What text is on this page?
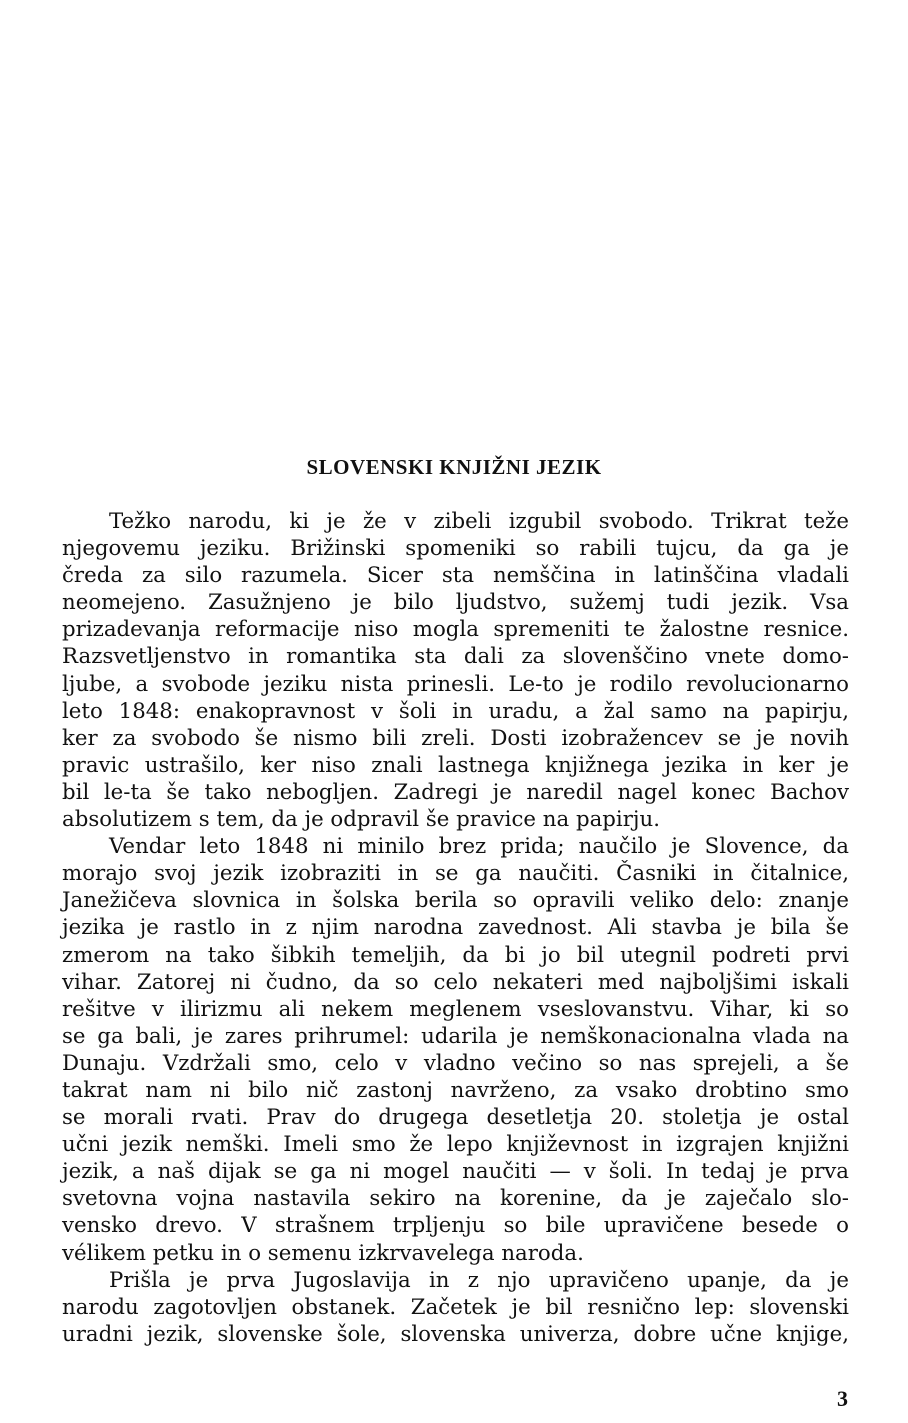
SLOVENSKI KNJIŽNI JEZIK
Težko narodu, ki je že v zibeli izgubil svobodo. Trikrat teže
njegovemu jeziku. Brižinski spomeniki so rabili tujcu, da ga je
čreda za silo razumela. Sicer sta nemščina in latinščina vladali
neomejeno. Zasužnjeno je bilo ljudstvo, sužemj tudi jezik. Vsa
prizadevanja reformacije niso mogla spremeniti te žalostne resnice.
Razsvetljenstvo in romantika sta dali za slovenščino vnete domo-
ljube, a svobode jeziku nista prinesli. Le-to je rodilo revolucionarno
leto 1848: enakopravnost v šoli in uradu, a žal samo na papirju,
ker za svobodo še nismo bili zreli. Dosti izobražencev se je novih
pravic ustrašilo, ker niso znali lastnega knjižnega jezika in ker je
bil le-ta še tako nebogljen. Zadregi je naredil nagel konec Bachov
absolutizem s tem, da je odpravil še pravice na papirju.
Vendar leto 1848 ni minilo brez prida; naučilo je Slovence, da
morajo svoj jezik izobraziti in se ga naučiti. Časniki in čitalnice,
Janežičeva slovnica in šolska berila so opravili veliko delo: znanje
jezika je rastlo in z njim narodna zavednost. Ali stavba je bila še
zmerom na tako šibkih temeljih, da bi jo bil utegnil podreti prvi
vihar. Zatorej ni čudno, da so celo nekateri med najboljšimi iskali
rešitve v ilirizmu ali nekem meglenem vseslovanstvu. Vihar, ki so
se ga bali, je zares prihrumel: udarila je nemškonacionalna vlada na
Dunaju. Vzdržali smo, celo v vladno večino so nas sprejeli, a še
takrat nam ni bilo nič zastonj navrženo, za vsako drobtino smo
se morali rvati. Prav do drugega desetletja 20. stoletja je ostal
učni jezik nemški. Imeli smo že lepo književnost in izgrajen knjižni
jezik, a naš dijak se ga ni mogel naučiti — v šoli. In tedaj je prva
svetovna vojna nastavila sekiro na korenine, da je zaječalo slo-
vensko drevo. V strašnem trpljenju so bile upravičene besede o
vélikem petku in o semenu izkrvavelega naroda.
Prišla je prva Jugoslavija in z njo upravičeno upanje, da je
narodu zagotovljen obstanek. Začetek je bil resnično lep: slovenski
uradni jezik, slovenske šole, slovenska univerza, dobre učne knjige,
3
